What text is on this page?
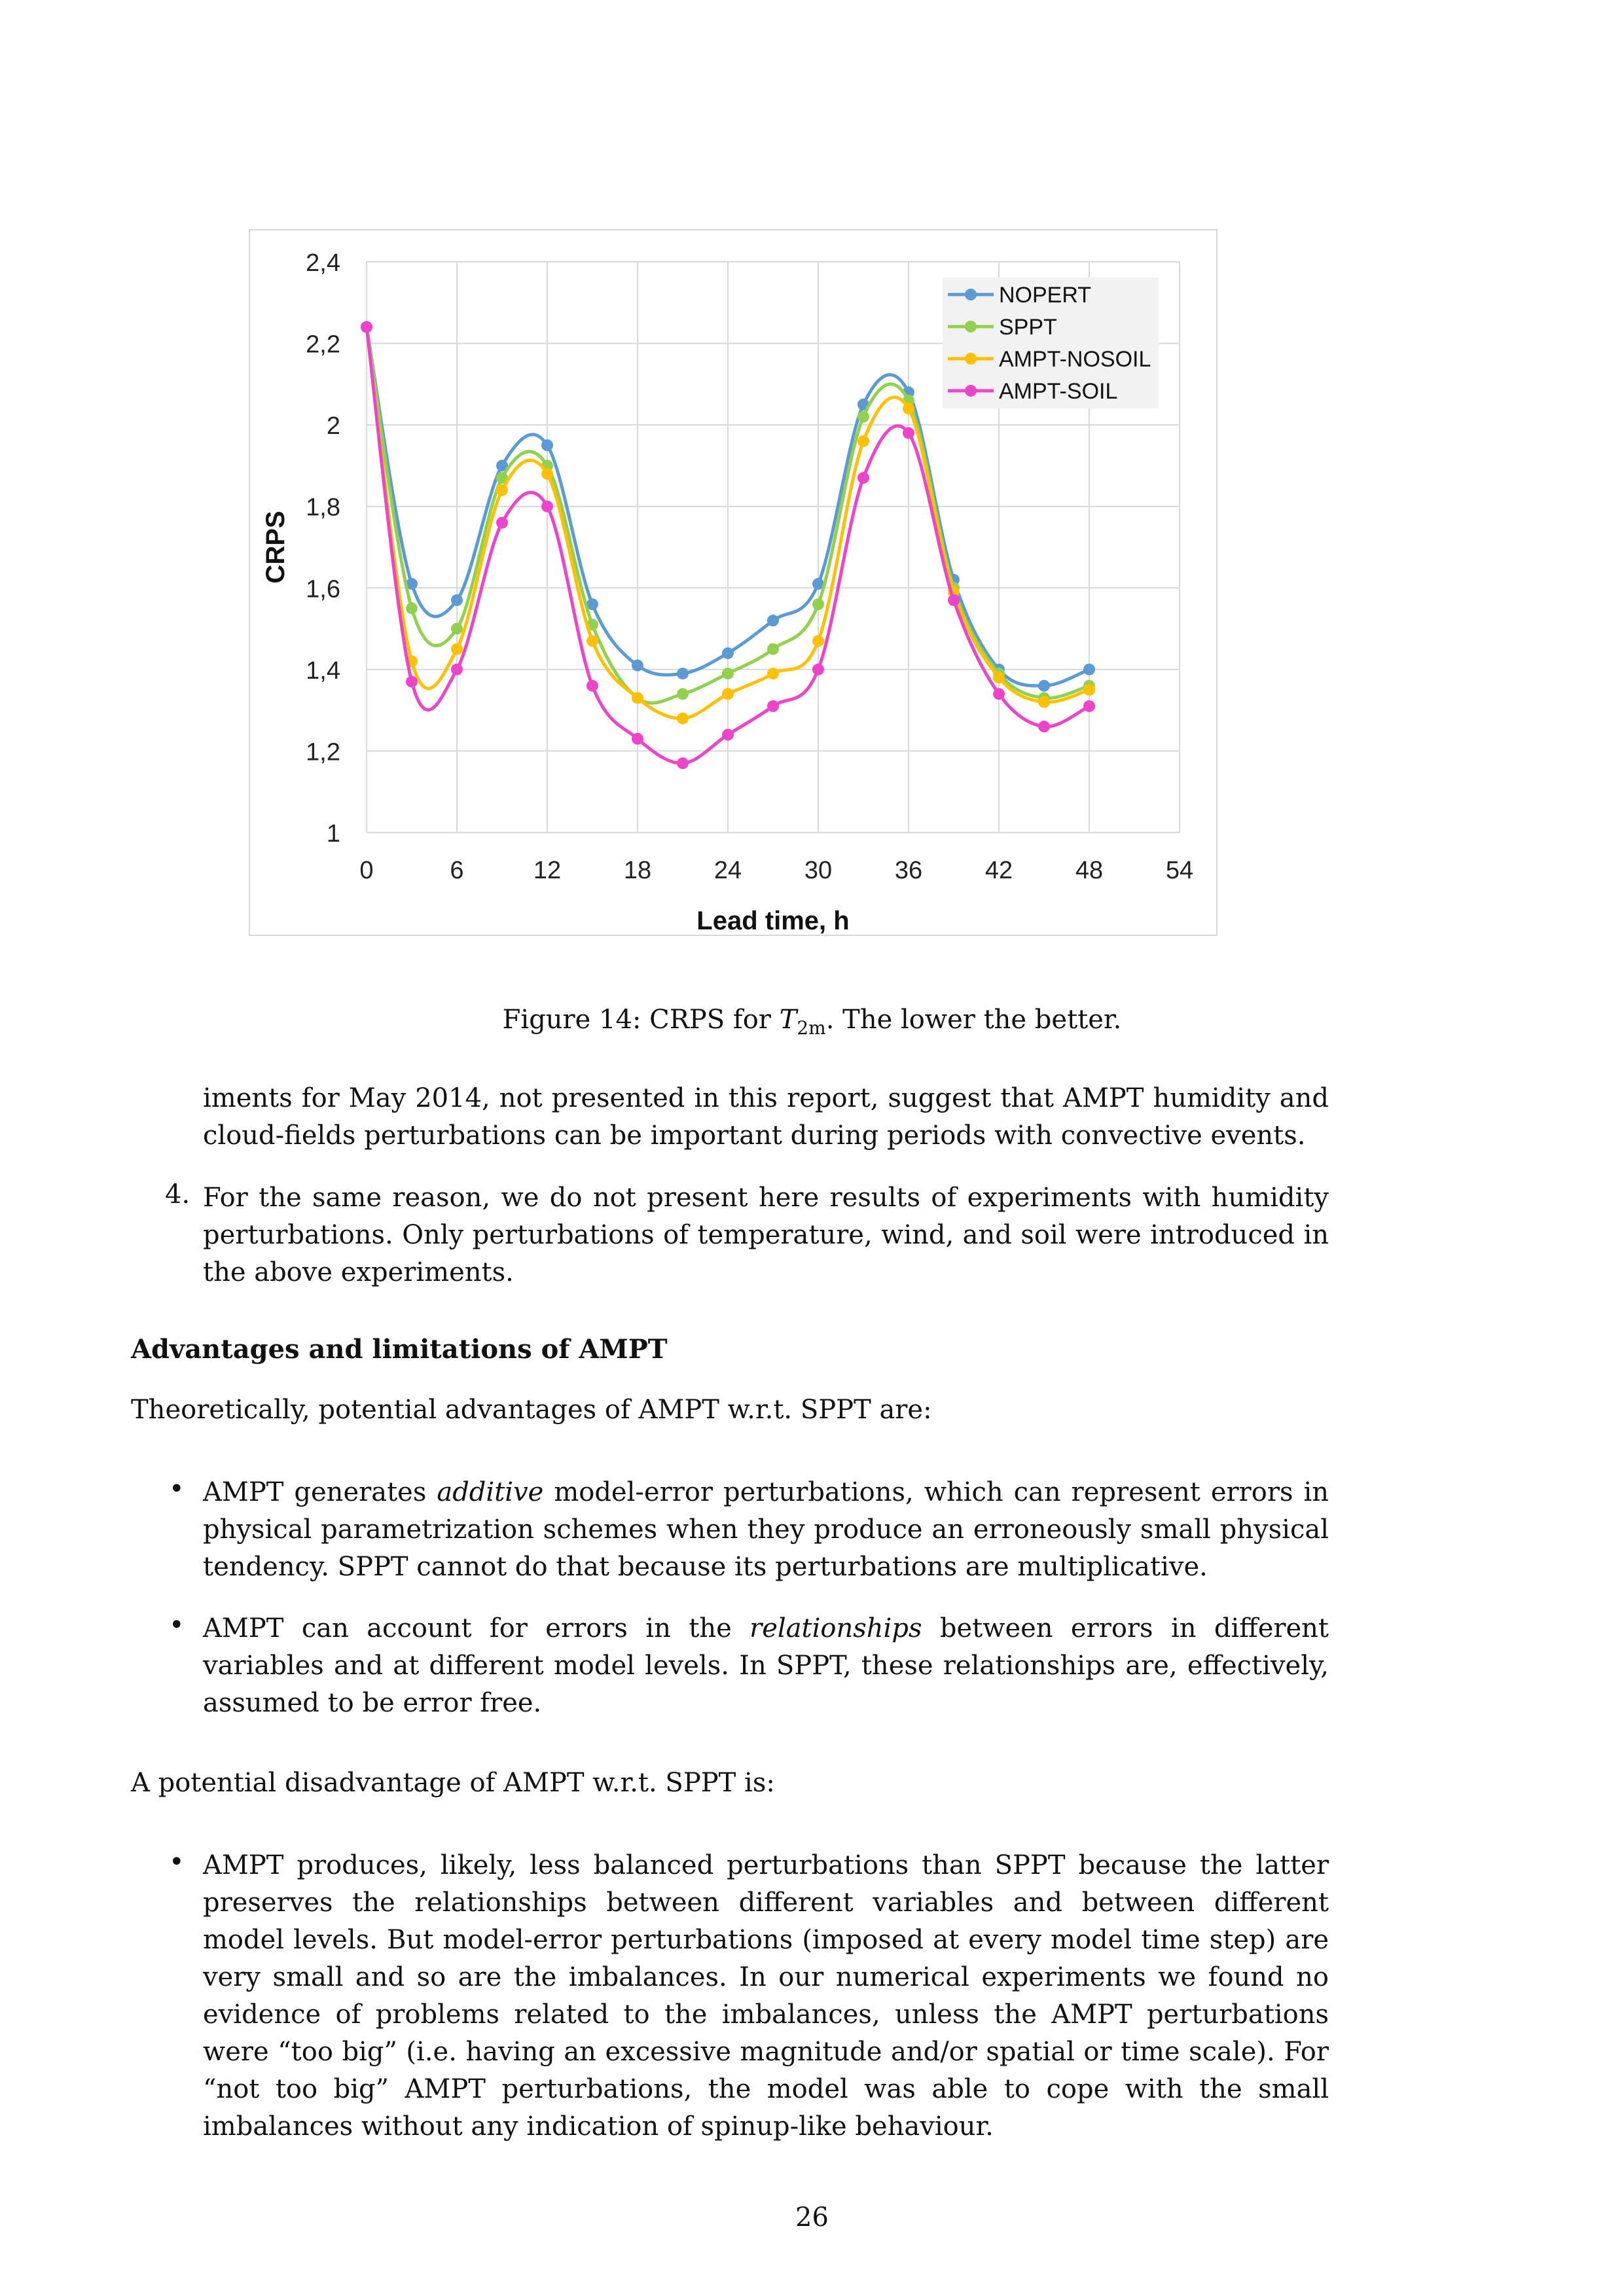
1
1,2
1,4
1,6
1,8
2
2,2
2,4
0	6	12	18	24	30	36	42	48	54
Lead time, h
CRPS
NOPERT
SPPT
AMPT-NOSOIL
AMPT-SOIL
Figure 14: CRPS for $T_{2m}$. The lower the better.
iments for May 2014, not presented in this report, suggest that AMPT humidity and
cloud-fields perturbations can be important during periods with convective events.
4. For the same reason, we do not present here results of experiments with humidity perturbations. Only perturbations of temperature, wind, and soil were introduced in the above experiments.
Advantages and limitations of AMPT
Theoretically, potential advantages of AMPT w.r.t. SPPT are:
• AMPT generates additive model-error perturbations, which can represent errors in physical parametrization schemes when they produce an erroneously small physical tendency. SPPT cannot do that because its perturbations are multiplicative.
• AMPT can account for errors in the relationships between errors in different variables and at different model levels. In SPPT, these relationships are, effectively, assumed to be error free.
A potential disadvantage of AMPT w.r.t. SPPT is:
• AMPT produces, likely, less balanced perturbations than SPPT because the latter preserves the relationships between different variables and between different model levels. But model-error perturbations (imposed at every model time step) are very small and so are the imbalances. In our numerical experiments we found no evidence of problems related to the imbalances, unless the AMPT perturbations were “too big” (i.e. having an excessive magnitude and/or spatial or time scale). For “not too big” AMPT perturbations, the model was able to cope with the small imbalances without any indication of spinup-like behaviour.
26
